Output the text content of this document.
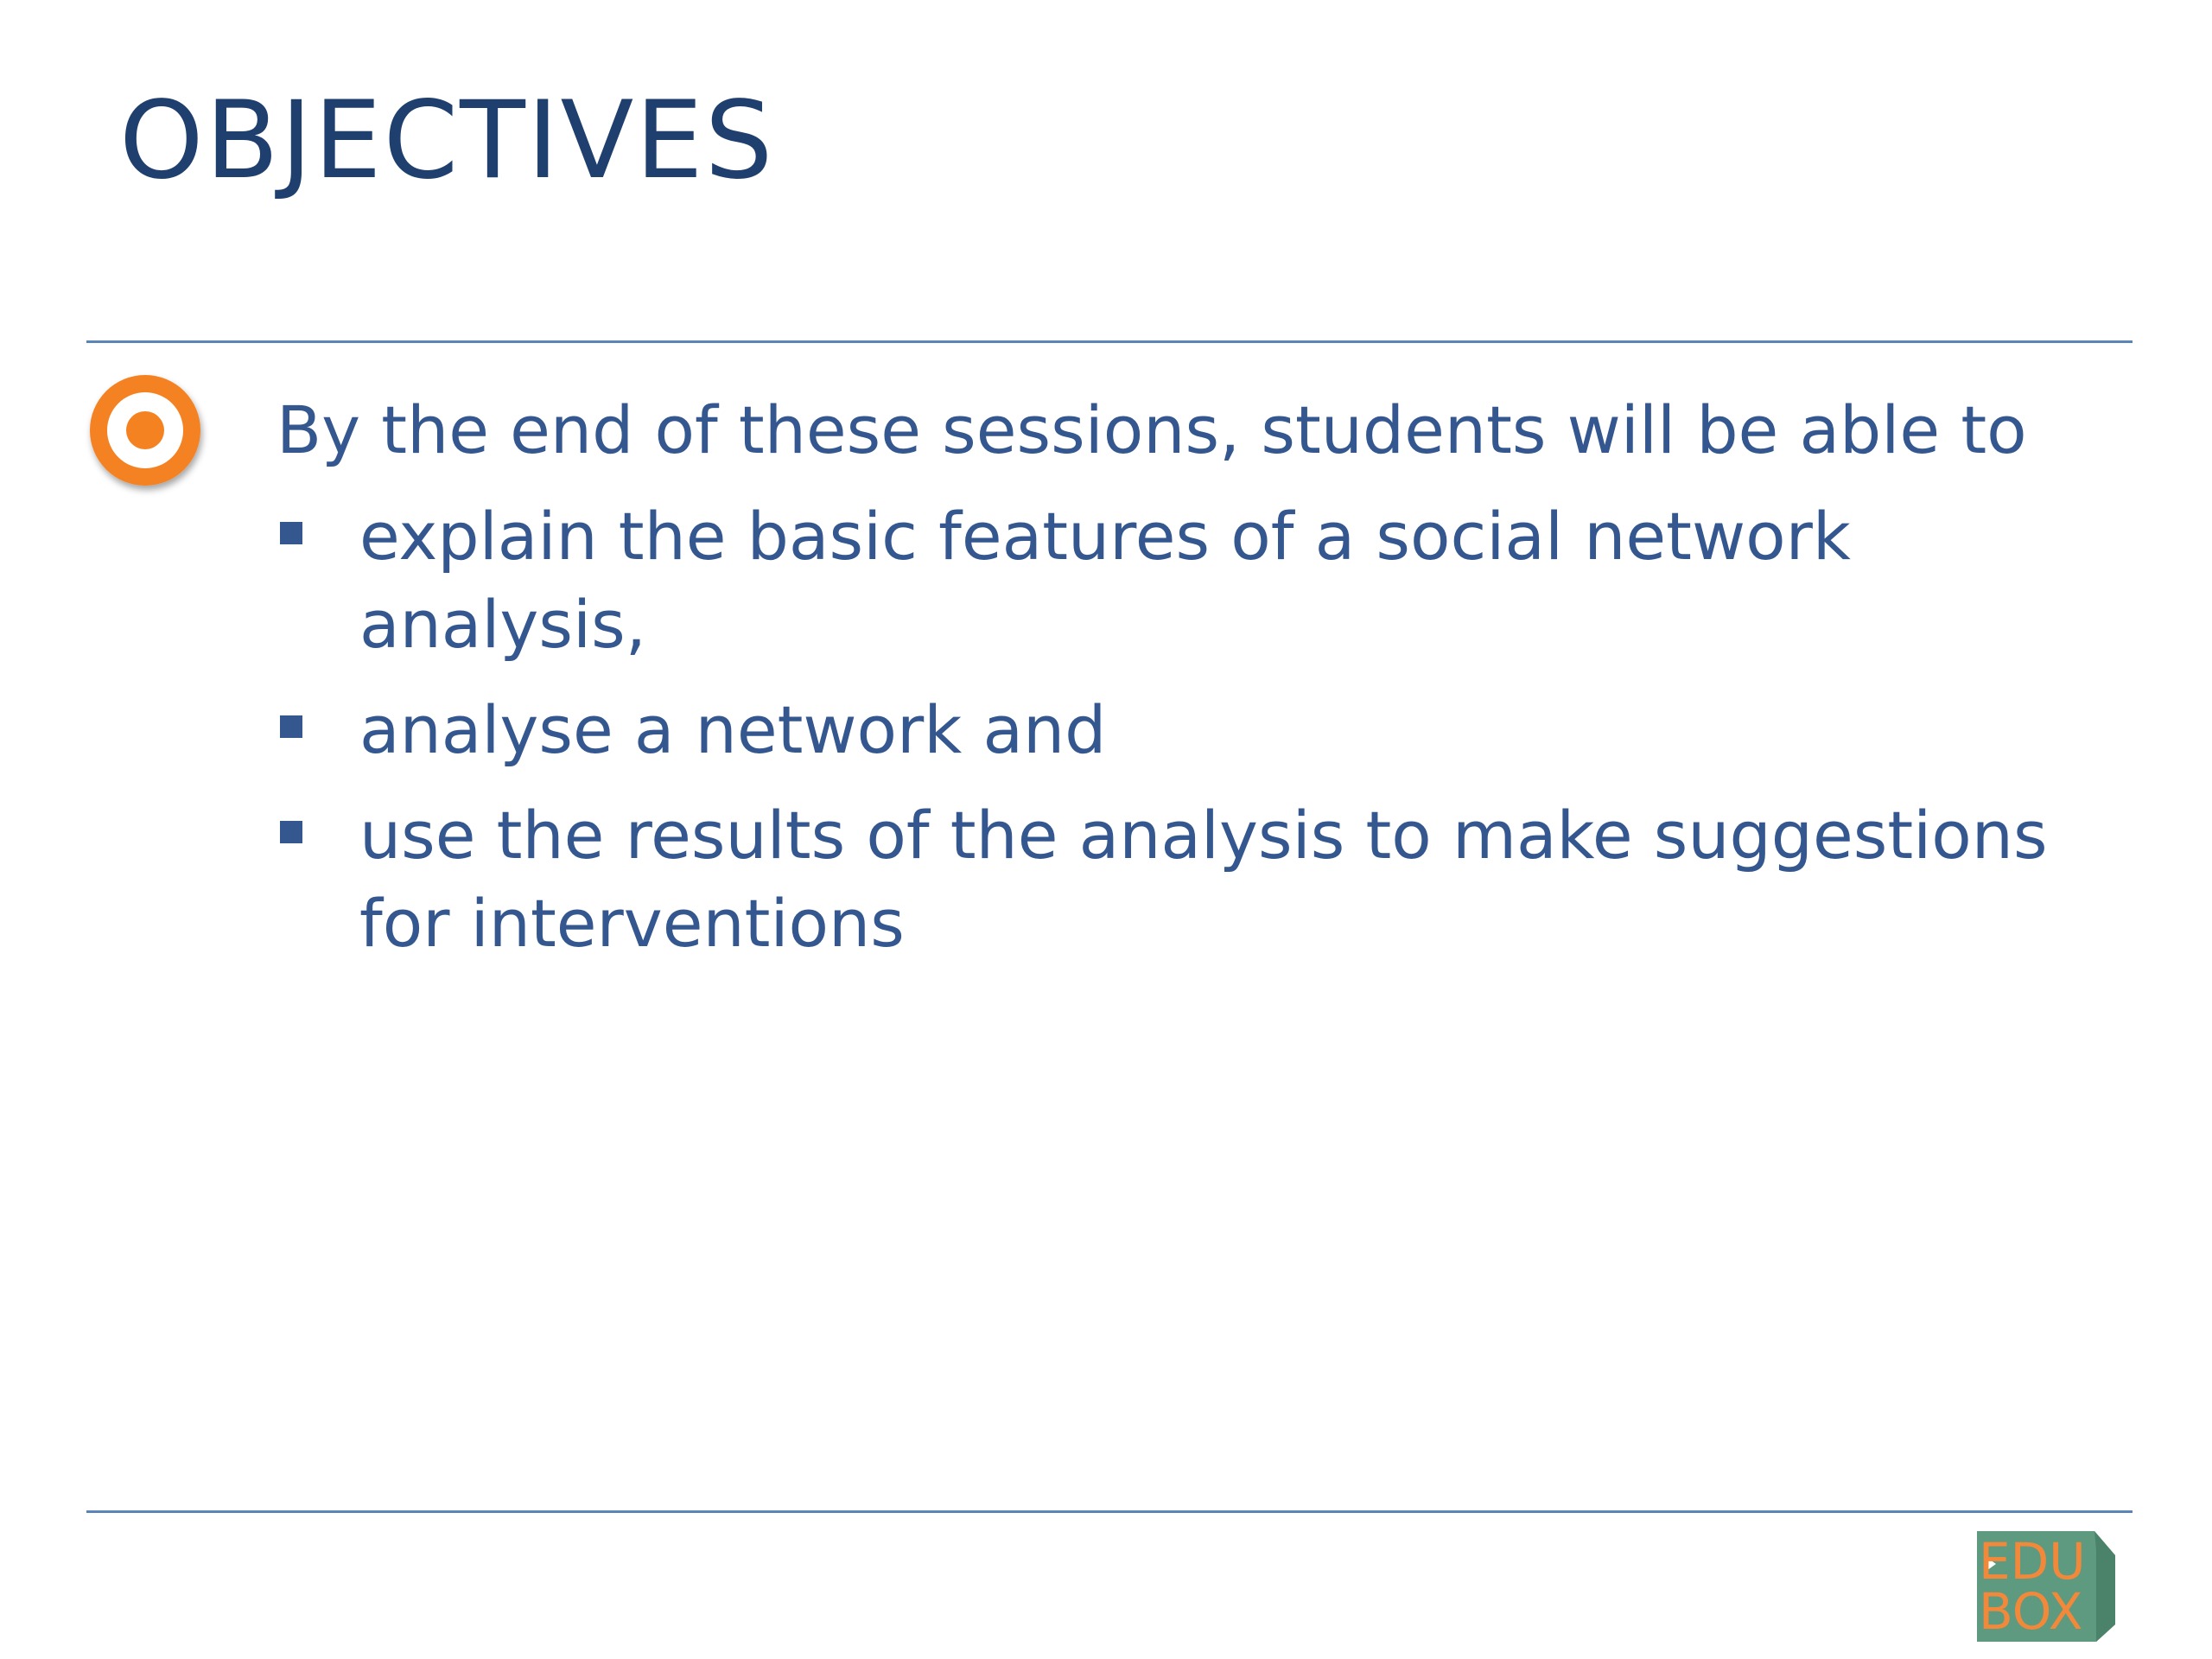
OBJECTIVES
By the end of these sessions, students will be able to
explain the basic features of a social network analysis,
analyse a network and
use the results of the analysis to make suggestions for interventions
EDU
BOX
